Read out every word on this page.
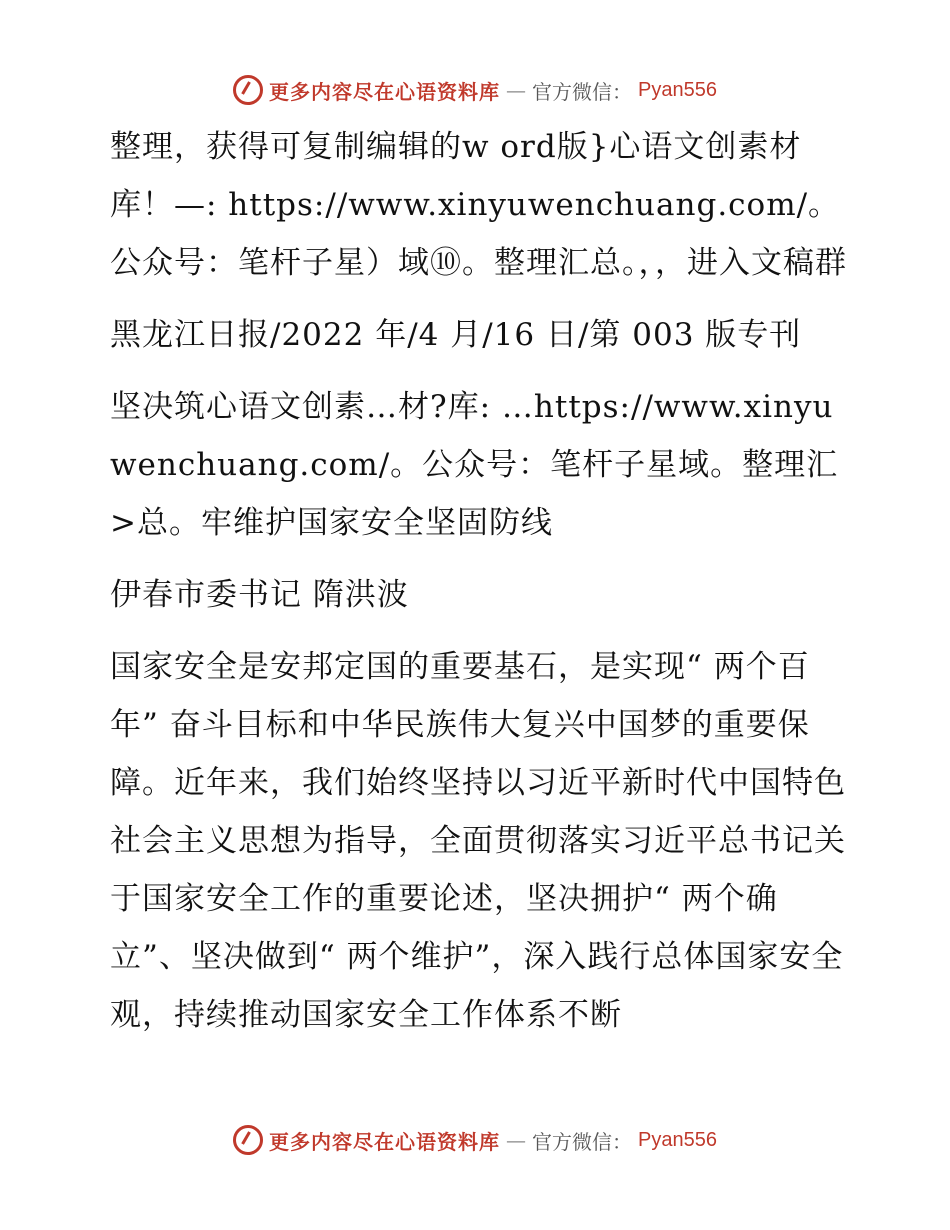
更多内容尽在心语资料库 — 官方微信： Pyan556

整理，获得可复制编辑的w ord版}心语文创素材库！—: https://www.xinyuwenchuang.com/。公众号：笔杆子星）域⑩。整理汇总。，，进入文稿群

黑龙江日报/2022 年/4 月/16 日/第 003 版专刊

坚决筑心语文创素…材?库: …https://www.xinyuwenchuang.com/。公众号：笔杆子星域。整理汇>总。牢维护国家安全坚固防线

伊春市委书记 隋洪波

国家安全是安邦定国的重要基石，是实现“ 两个百年” 奋斗目标和中华民族伟大复兴中国梦的重要保障。近年来，我们始终坚持以习近平新时代中国特色社会主义思想为指导，全面贯彻落实习近平总书记关于国家安全工作的重要论述，坚决拥护“ 两个确立”、坚决做到“ 两个维护”，深入践行总体国家安全观，持续推动国家安全工作体系不断

更多内容尽在心语资料库 — 官方微信： Pyan556
